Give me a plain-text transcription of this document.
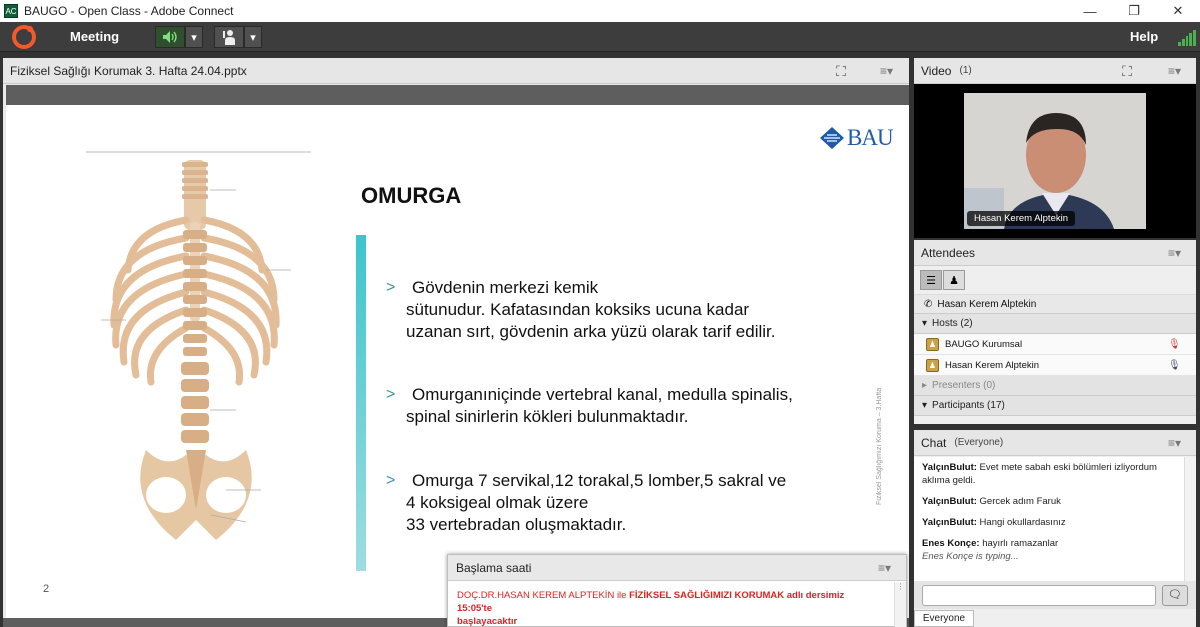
AC BAUGO - Open Class - Adobe Connect	—	❐	✕
Meeting	▾	▾	Help
Fiziksel Sağlığı Korumak 3. Hafta 24.04.pptx	⛶	≡▾
BAU
OMURGA
> Gövdenin merkezi kemik
sütunudur. Kafatasından koksiks ucuna kadar
uzanan sırt, gövdenin arka yüzü olarak tarif edilir.
> Omurganıniçinde vertebral kanal, medulla spinalis,
spinal sinirlerin kökleri bulunmaktadır.
> Omurga 7 servikal,12 torakal,5 lomber,5 sakral ve
4 koksigeal olmak üzere
33 vertebradan oluşmaktadır.
Fiziksel Sağlığımızı Koruma – 3.Hafta
2
Başlama saati	≡▾
DOÇ.DR.HASAN KEREM ALPTEKİN ile FİZİKSEL SAĞLIĞIMIZI KORUMAK adlı dersimiz 15:05'te
başlayacaktır
⋮
Video (1)	⛶	≡▾
Hasan Kerem Alptekin
Attendees	≡▾
☰	♟
✆ Hasan Kerem Alptekin
▾ Hosts (2)
♟ BAUGO Kurumsal	🎙
♟ Hasan Kerem Alptekin	🎙
▸ Presenters (0)
▾ Participants (17)
Chat (Everyone)	≡▾
YalçınBulut: Evet mete sabah eski bölümleri izliyordum aklıma geldi.
YalçınBulut: Gercek adım Faruk
YalçınBulut: Hangi okullardasınız
Enes Konçe: hayırlı ramazanlar
Enes Konçe is typing...
🗨
Everyone
